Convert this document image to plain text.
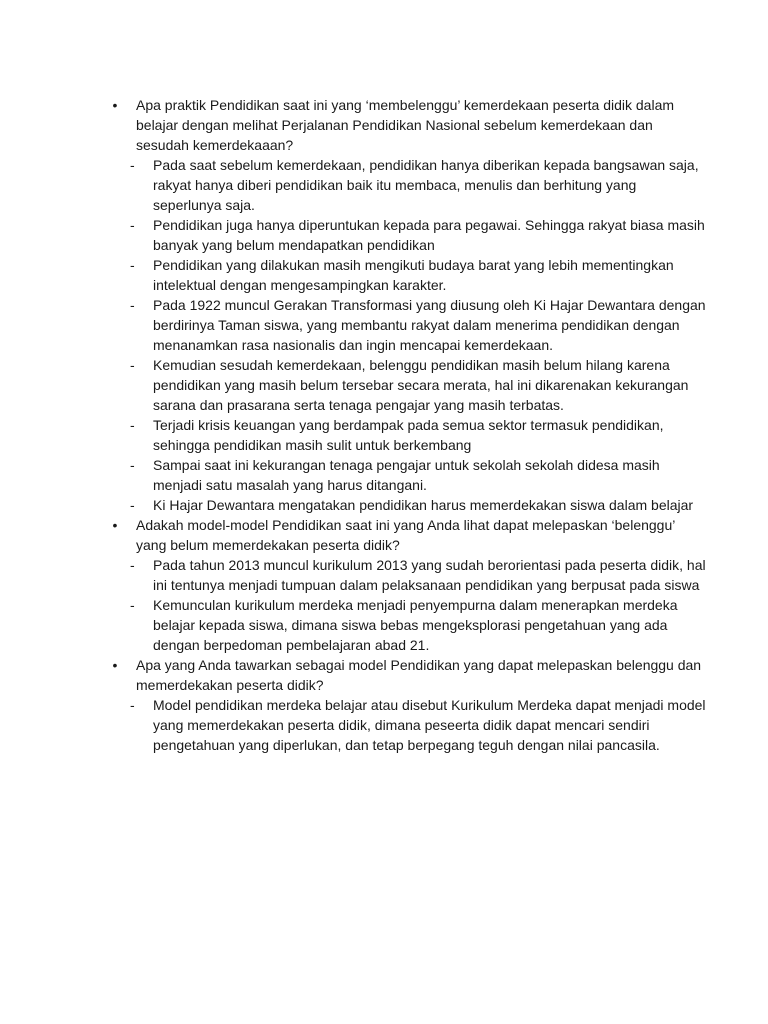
•	Apa praktik Pendidikan saat ini yang ‘membelenggu’ kemerdekaan peserta didik dalam belajar dengan melihat Perjalanan Pendidikan Nasional sebelum kemerdekaan dan sesudah kemerdekaaan?

- Pada saat sebelum kemerdekaan, pendidikan hanya diberikan kepada bangsawan saja, rakyat hanya diberi pendidikan baik itu membaca, menulis dan berhitung yang seperlunya saja.
- Pendidikan juga hanya diperuntukan kepada para pegawai. Sehingga rakyat biasa masih banyak yang belum mendapatkan pendidikan
- Pendidikan yang dilakukan masih mengikuti budaya barat yang lebih mementingkan intelektual dengan mengesampingkan karakter.
- Pada 1922 muncul Gerakan Transformasi yang diusung oleh Ki Hajar Dewantara dengan berdirinya Taman siswa, yang membantu rakyat dalam menerima pendidikan dengan menanamkan rasa nasionalis dan ingin mencapai kemerdekaan.
- Kemudian sesudah kemerdekaan, belenggu pendidikan masih belum hilang karena pendidikan yang masih belum tersebar secara merata, hal ini dikarenakan kekurangan sarana dan prasarana serta tenaga pengajar yang masih terbatas.
- Terjadi krisis keuangan yang berdampak pada semua sektor termasuk pendidikan, sehingga pendidikan masih sulit untuk berkembang
- Sampai saat ini kekurangan tenaga pengajar untuk sekolah sekolah didesa masih menjadi satu masalah yang harus ditangani.
- Ki Hajar Dewantara mengatakan pendidikan harus memerdekakan siswa dalam belajar
•	Adakah model-model Pendidikan saat ini yang Anda lihat dapat melepaskan ‘belenggu’ yang belum memerdekakan peserta didik?

- Pada tahun 2013 muncul kurikulum 2013 yang sudah berorientasi pada peserta didik, hal ini tentunya menjadi tumpuan dalam pelaksanaan pendidikan yang berpusat pada siswa
- Kemunculan kurikulum merdeka menjadi penyempurna dalam menerapkan merdeka belajar kepada siswa, dimana siswa bebas mengeksplorasi pengetahuan yang ada dengan berpedoman pembelajaran abad 21.
•	Apa yang Anda tawarkan sebagai model Pendidikan yang dapat melepaskan belenggu dan memerdekakan peserta didik?

- Model pendidikan merdeka belajar atau disebut Kurikulum Merdeka dapat menjadi model yang memerdekakan peserta didik, dimana peseerta didik dapat mencari sendiri pengetahuan yang diperlukan, dan tetap berpegang teguh dengan nilai pancasila.
